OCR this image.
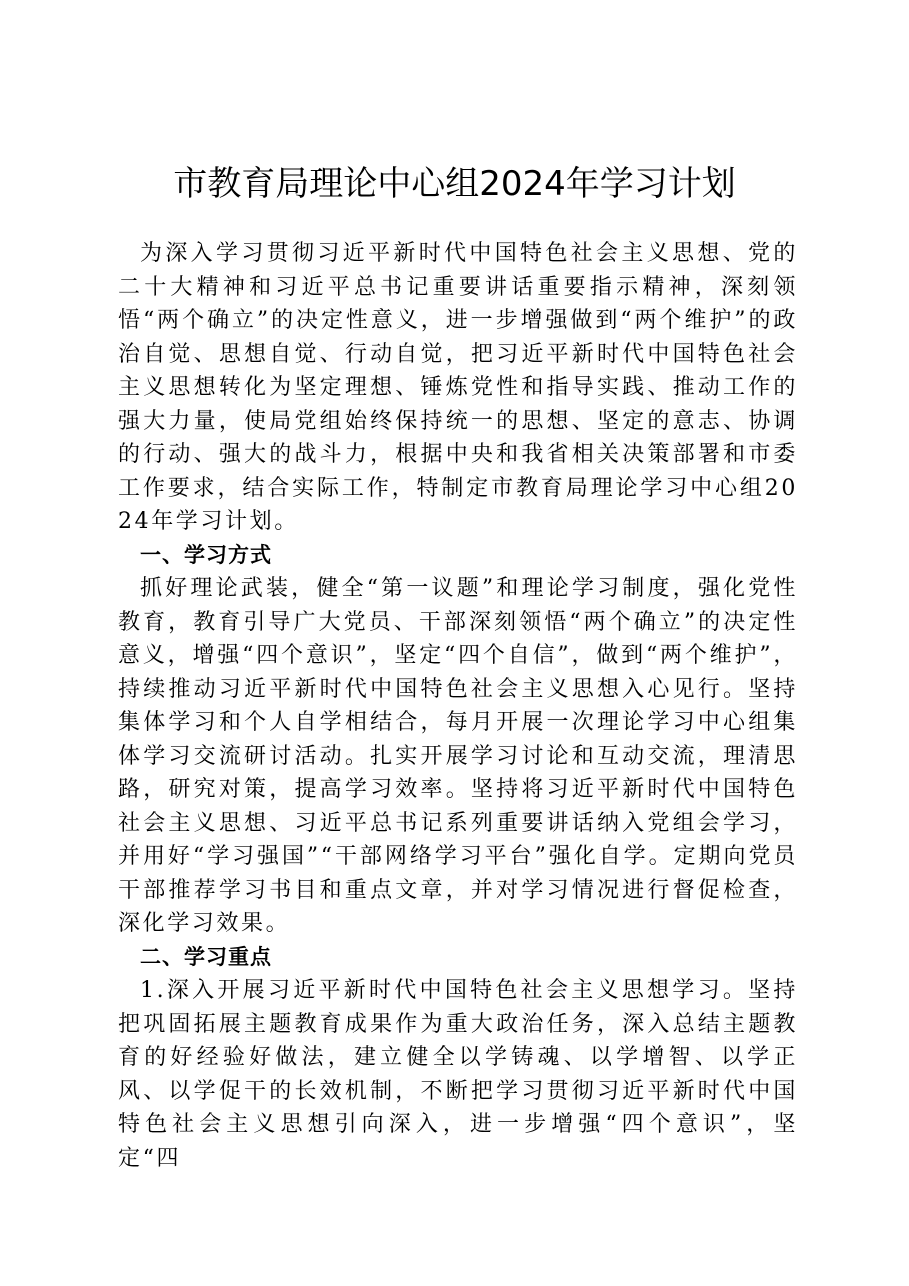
市教育局理论中心组2024年学习计划

为深入学习贯彻习近平新时代中国特色社会主义思想、党的二十大精神和习近平总书记重要讲话重要指示精神，深刻领悟“两个确立”的决定性意义，进一步增强做到“两个维护”的政治自觉、思想自觉、行动自觉，把习近平新时代中国特色社会主义思想转化为坚定理想、锤炼党性和指导实践、推动工作的强大力量，使局党组始终保持统一的思想、坚定的意志、协调的行动、强大的战斗力，根据中央和我省相关决策部署和市委工作要求，结合实际工作，特制定市教育局理论学习中心组2024年学习计划。

一、学习方式

抓好理论武装，健全“第一议题”和理论学习制度，强化党性教育，教育引导广大党员、干部深刻领悟“两个确立”的决定性意义，增强“四个意识”，坚定“四个自信”，做到“两个维护”，持续推动习近平新时代中国特色社会主义思想入心见行。坚持集体学习和个人自学相结合，每月开展一次理论学习中心组集体学习交流研讨活动。扎实开展学习讨论和互动交流，理清思路，研究对策，提高学习效率。坚持将习近平新时代中国特色社会主义思想、习近平总书记系列重要讲话纳入党组会学习，并用好“学习强国”“干部网络学习平台”强化自学。定期向党员干部推荐学习书目和重点文章，并对学习情况进行督促检查，深化学习效果。

二、学习重点

1.深入开展习近平新时代中国特色社会主义思想学习。坚持把巩固拓展主题教育成果作为重大政治任务，深入总结主题教育的好经验好做法，建立健全以学铸魂、以学增智、以学正风、以学促干的长效机制，不断把学习贯彻习近平新时代中国特色社会主义思想引向深入，进一步增强“四个意识”，坚定“四
